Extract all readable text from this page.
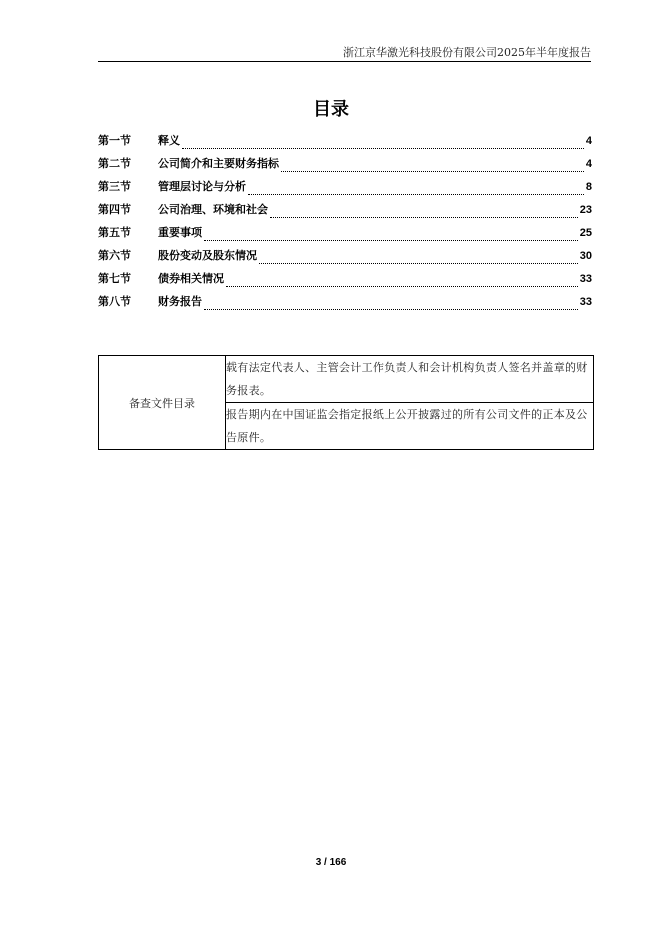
浙江京华激光科技股份有限公司2025年半年度报告
目录
第一节	释义	4
第二节	公司简介和主要财务指标	4
第三节	管理层讨论与分析	8
第四节	公司治理、环境和社会	23
第五节	重要事项	25
第六节	股份变动及股东情况	30
第七节	债券相关情况	33
第八节	财务报告	33
备查文件目录	载有法定代表人、主管会计工作负责人和会计机构负责人签名并盖章的财务报表。
报告期内在中国证监会指定报纸上公开披露过的所有公司文件的正本及公告原件。
3 / 166
